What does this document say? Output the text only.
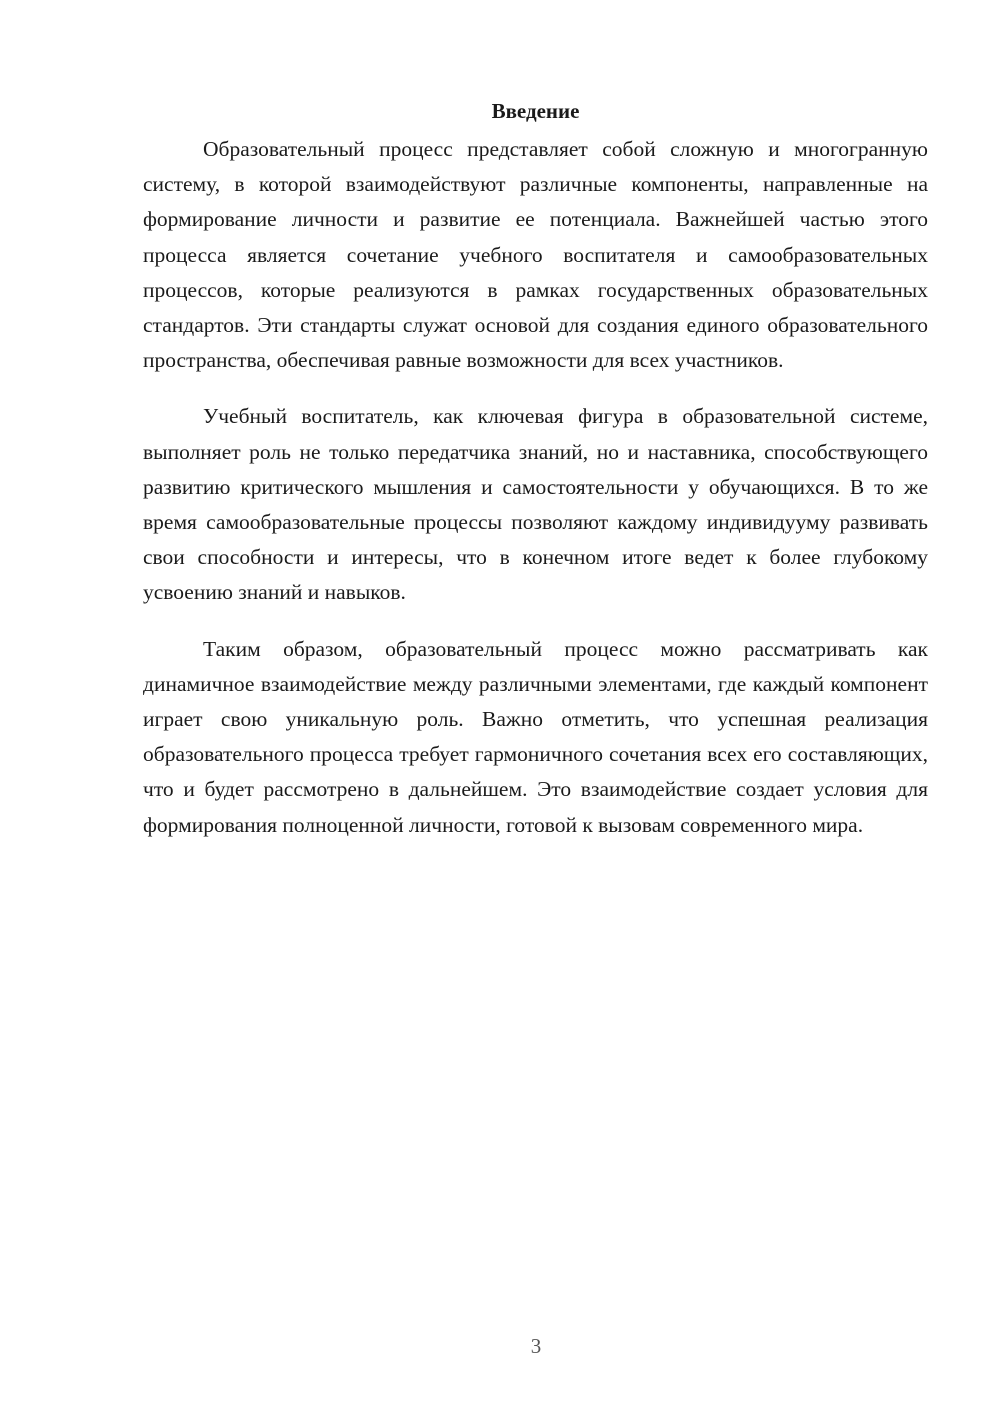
Введение

Образовательный процесс представляет собой сложную и многогранную систему, в которой взаимодействуют различные компоненты, направленные на формирование личности и развитие ее потенциала. Важнейшей частью этого процесса является сочетание учебного воспитателя и самообразовательных процессов, которые реализуются в рамках государственных образовательных стандартов. Эти стандарты служат основой для создания единого образовательного пространства, обеспечивая равные возможности для всех участников.

Учебный воспитатель, как ключевая фигура в образовательной системе, выполняет роль не только передатчика знаний, но и наставника, способствующего развитию критического мышления и самостоятельности у обучающихся. В то же время самообразовательные процессы позволяют каждому индивидууму развивать свои способности и интересы, что в конечном итоге ведет к более глубокому усвоению знаний и навыков.

Таким образом, образовательный процесс можно рассматривать как динамичное взаимодействие между различными элементами, где каждый компонент играет свою уникальную роль. Важно отметить, что успешная реализация образовательного процесса требует гармоничного сочетания всех его составляющих, что и будет рассмотрено в дальнейшем. Это взаимодействие создает условия для формирования полноценной личности, готовой к вызовам современного мира.

3
